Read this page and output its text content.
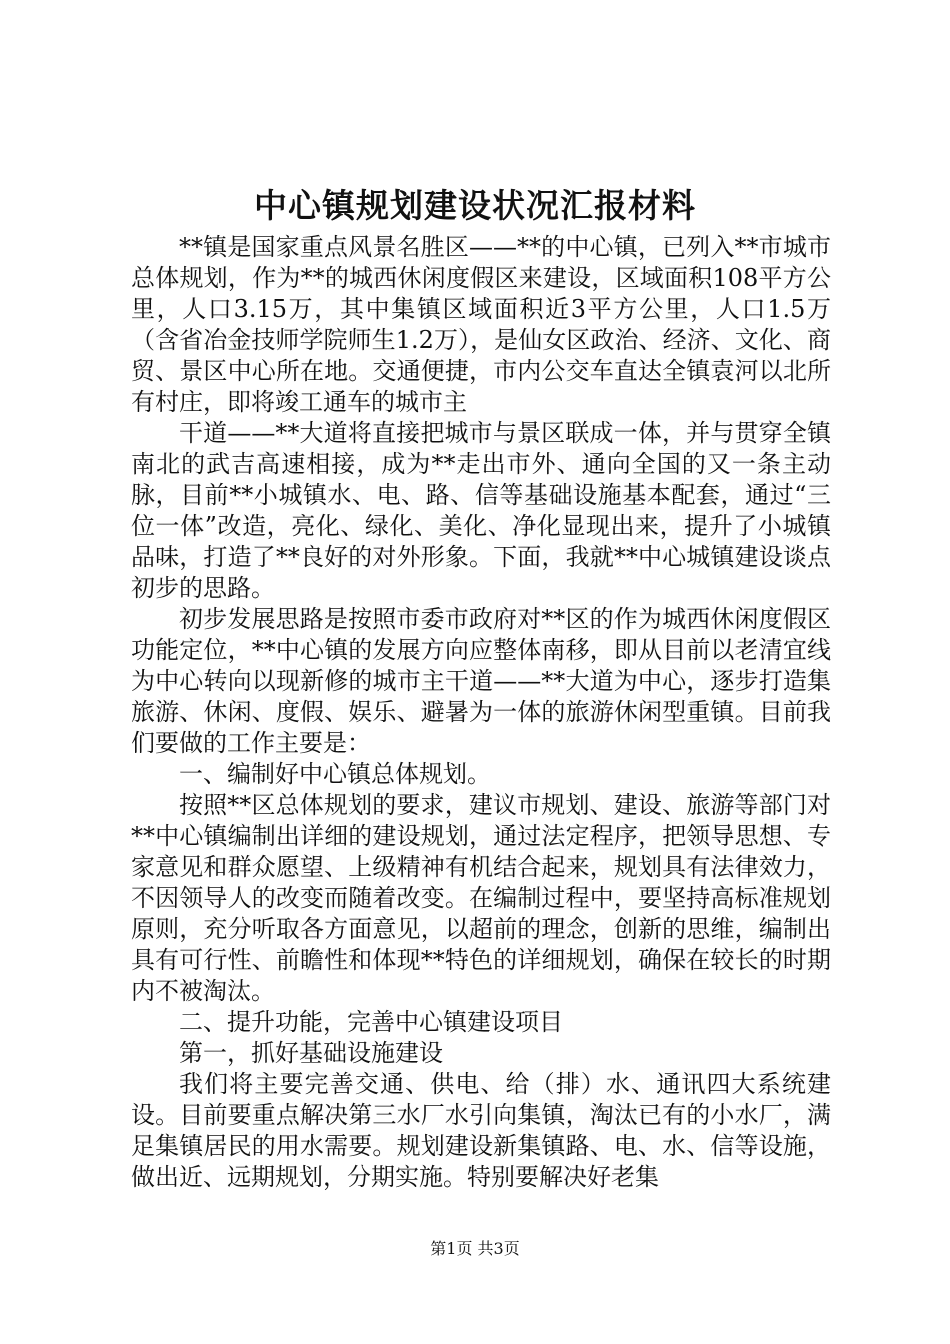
中心镇规划建设状况汇报材料

**镇是国家重点风景名胜区——**的中心镇，已列入**市城市总体规划，作为**的城西休闲度假区来建设，区域面积108平方公里，人口3.15万，其中集镇区域面积近3平方公里，人口1.5万（含省冶金技师学院师生1.2万），是仙女区政治、经济、文化、商贸、景区中心所在地。交通便捷，市内公交车直达全镇袁河以北所有村庄，即将竣工通车的城市主

干道——**大道将直接把城市与景区联成一体，并与贯穿全镇南北的武吉高速相接，成为**走出市外、通向全国的又一条主动脉，目前**小城镇水、电、路、信等基础设施基本配套，通过“三位一体”改造，亮化、绿化、美化、净化显现出来，提升了小城镇品味，打造了**良好的对外形象。下面，我就**中心城镇建设谈点初步的思路。

初步发展思路是按照市委市政府对**区的作为城西休闲度假区功能定位，**中心镇的发展方向应整体南移，即从目前以老清宜线为中心转向以现新修的城市主干道——**大道为中心，逐步打造集旅游、休闲、度假、娱乐、避暑为一体的旅游休闲型重镇。目前我们要做的工作主要是：

一、编制好中心镇总体规划。

按照**区总体规划的要求，建议市规划、建设、旅游等部门对**中心镇编制出详细的建设规划，通过法定程序，把领导思想、专家意见和群众愿望、上级精神有机结合起来，规划具有法律效力，不因领导人的改变而随着改变。在编制过程中，要坚持高标准规划原则，充分听取各方面意见，以超前的理念，创新的思维，编制出具有可行性、前瞻性和体现**特色的详细规划，确保在较长的时期内不被淘汰。

二、提升功能，完善中心镇建设项目

第一，抓好基础设施建设

我们将主要完善交通、供电、给（排）水、通讯四大系统建设。目前要重点解决第三水厂水引向集镇，淘汰已有的小水厂，满足集镇居民的用水需要。规划建设新集镇路、电、水、信等设施，做出近、远期规划，分期实施。特别要解决好老集

第1页 共3页
